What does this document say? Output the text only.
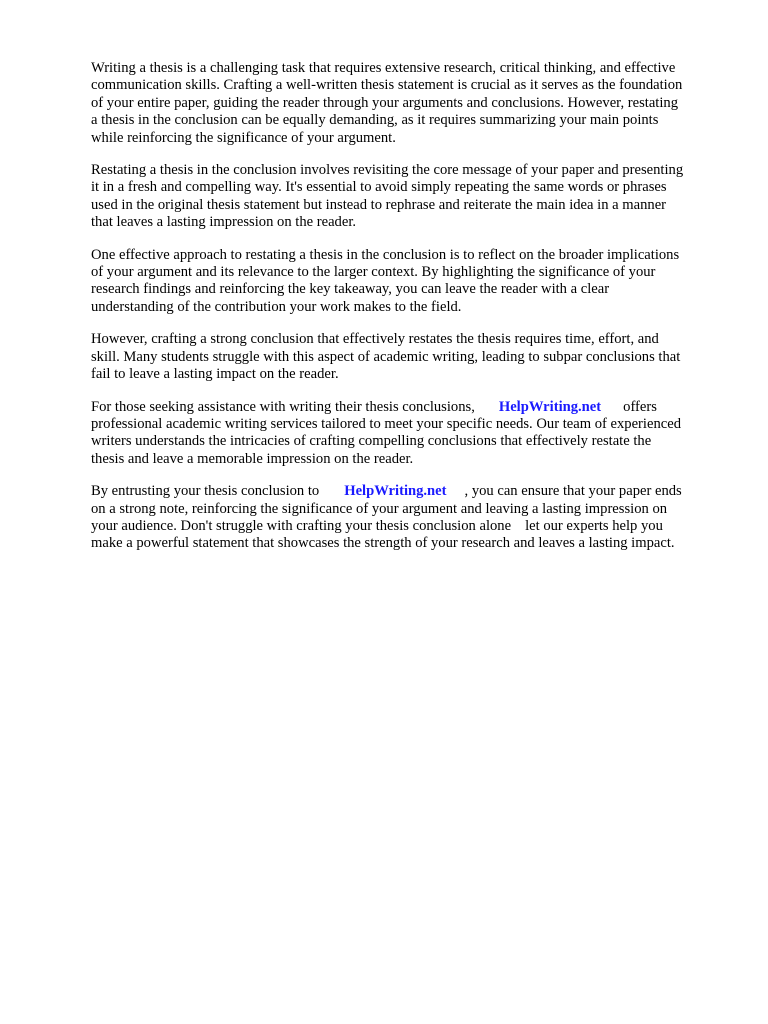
Writing a thesis is a challenging task that requires extensive research, critical thinking, and effective
communication skills. Crafting a well-written thesis statement is crucial as it serves as the foundation
of your entire paper, guiding the reader through your arguments and conclusions. However, restating
a thesis in the conclusion can be equally demanding, as it requires summarizing your main points
while reinforcing the significance of your argument.

Restating a thesis in the conclusion involves revisiting the core message of your paper and presenting
it in a fresh and compelling way. It's essential to avoid simply repeating the same words or phrases
used in the original thesis statement but instead to rephrase and reiterate the main idea in a manner
that leaves a lasting impression on the reader.

One effective approach to restating a thesis in the conclusion is to reflect on the broader implications
of your argument and its relevance to the larger context. By highlighting the significance of your
research findings and reinforcing the key takeaway, you can leave the reader with a clear
understanding of the contribution your work makes to the field.

However, crafting a strong conclusion that effectively restates the thesis requires time, effort, and
skill. Many students struggle with this aspect of academic writing, leading to subpar conclusions that
fail to leave a lasting impact on the reader.

For those seeking assistance with writing their thesis conclusions, HelpWriting.net offers
professional academic writing services tailored to meet your specific needs. Our team of experienced
writers understands the intricacies of crafting compelling conclusions that effectively restate the
thesis and leave a memorable impression on the reader.

By entrusting your thesis conclusion to HelpWriting.net , you can ensure that your paper ends
on a strong note, reinforcing the significance of your argument and leaving a lasting impression on
your audience. Don't struggle with crafting your thesis conclusion alone let our experts help you
make a powerful statement that showcases the strength of your research and leaves a lasting impact.
